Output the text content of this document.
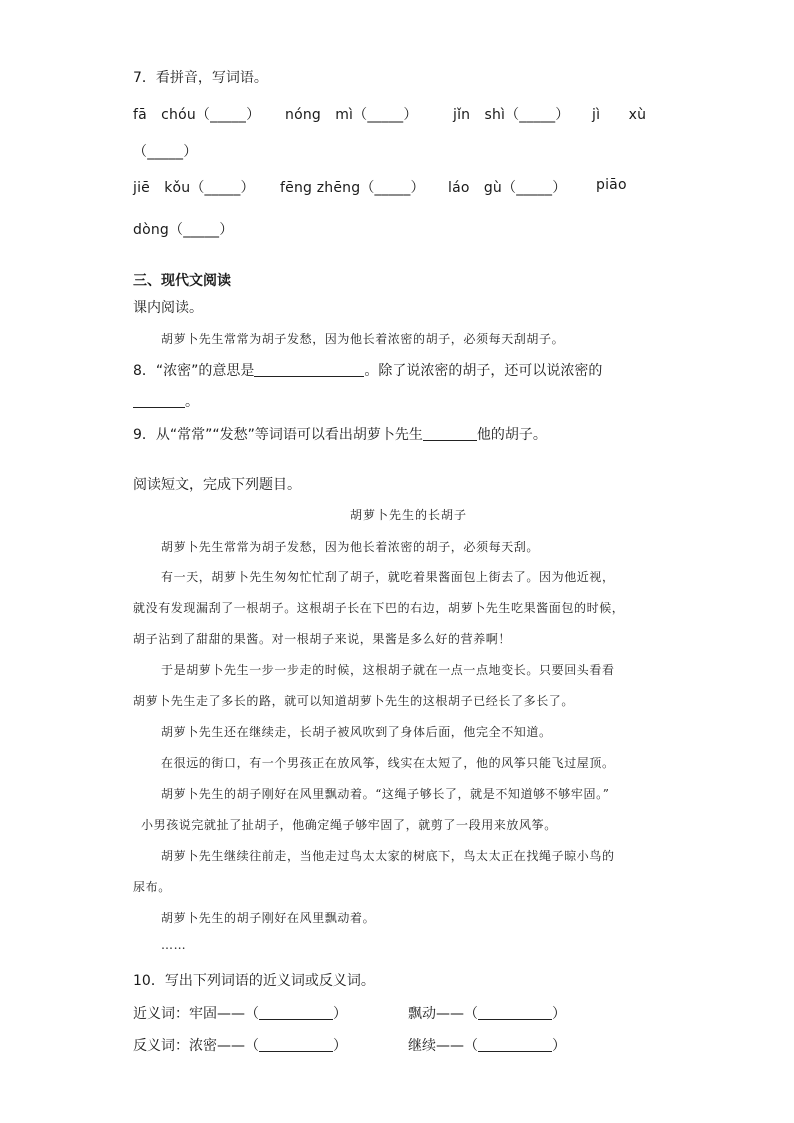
7．看拼音，写词语。
fā　chóu（_____） nóng　mì（_____）	jǐn　shì（_____） jì　　xù
（_____）
jiē　kǒu（_____） fēng zhēng（_____） láo　gù（_____） piāo
dòng（_____）
三、现代文阅读
课内阅读。
胡萝卜先生常常为胡子发愁，因为他长着浓密的胡子，必须每天刮胡子。
8．“浓密”的意思是	。除了说浓密的胡子，还可以说浓密的
。
9．从“常常”“发愁”等词语可以看出胡萝卜先生	他的胡子。
阅读短文，完成下列题目。
胡萝卜先生的长胡子
胡萝卜先生常常为胡子发愁，因为他长着浓密的胡子，必须每天刮。
有一天，胡萝卜先生匆匆忙忙刮了胡子，就吃着果酱面包上街去了。因为他近视，
就没有发现漏刮了一根胡子。这根胡子长在下巴的右边，胡萝卜先生吃果酱面包的时候，
胡子沾到了甜甜的果酱。对一根胡子来说，果酱是多么好的营养啊！
于是胡萝卜先生一步一步走的时候，这根胡子就在一点一点地变长。只要回头看看
胡萝卜先生走了多长的路，就可以知道胡萝卜先生的这根胡子已经长了多长了。
胡萝卜先生还在继续走，长胡子被风吹到了身体后面，他完全不知道。
在很远的街口，有一个男孩正在放风筝，线实在太短了，他的风筝只能飞过屋顶。
胡萝卜先生的胡子刚好在风里飘动着。“这绳子够长了，就是不知道够不够牢固。”
小男孩说完就扯了扯胡子，他确定绳子够牢固了，就剪了一段用来放风筝。
胡萝卜先生继续往前走，当他走过鸟太太家的树底下，鸟太太正在找绳子晾小鸟的
尿布。
胡萝卜先生的胡子刚好在风里飘动着。
……
10．写出下列词语的近义词或反义词。
近义词：牢固——（	）	飘动——（	）
反义词：浓密——（	）	继续——（	）
